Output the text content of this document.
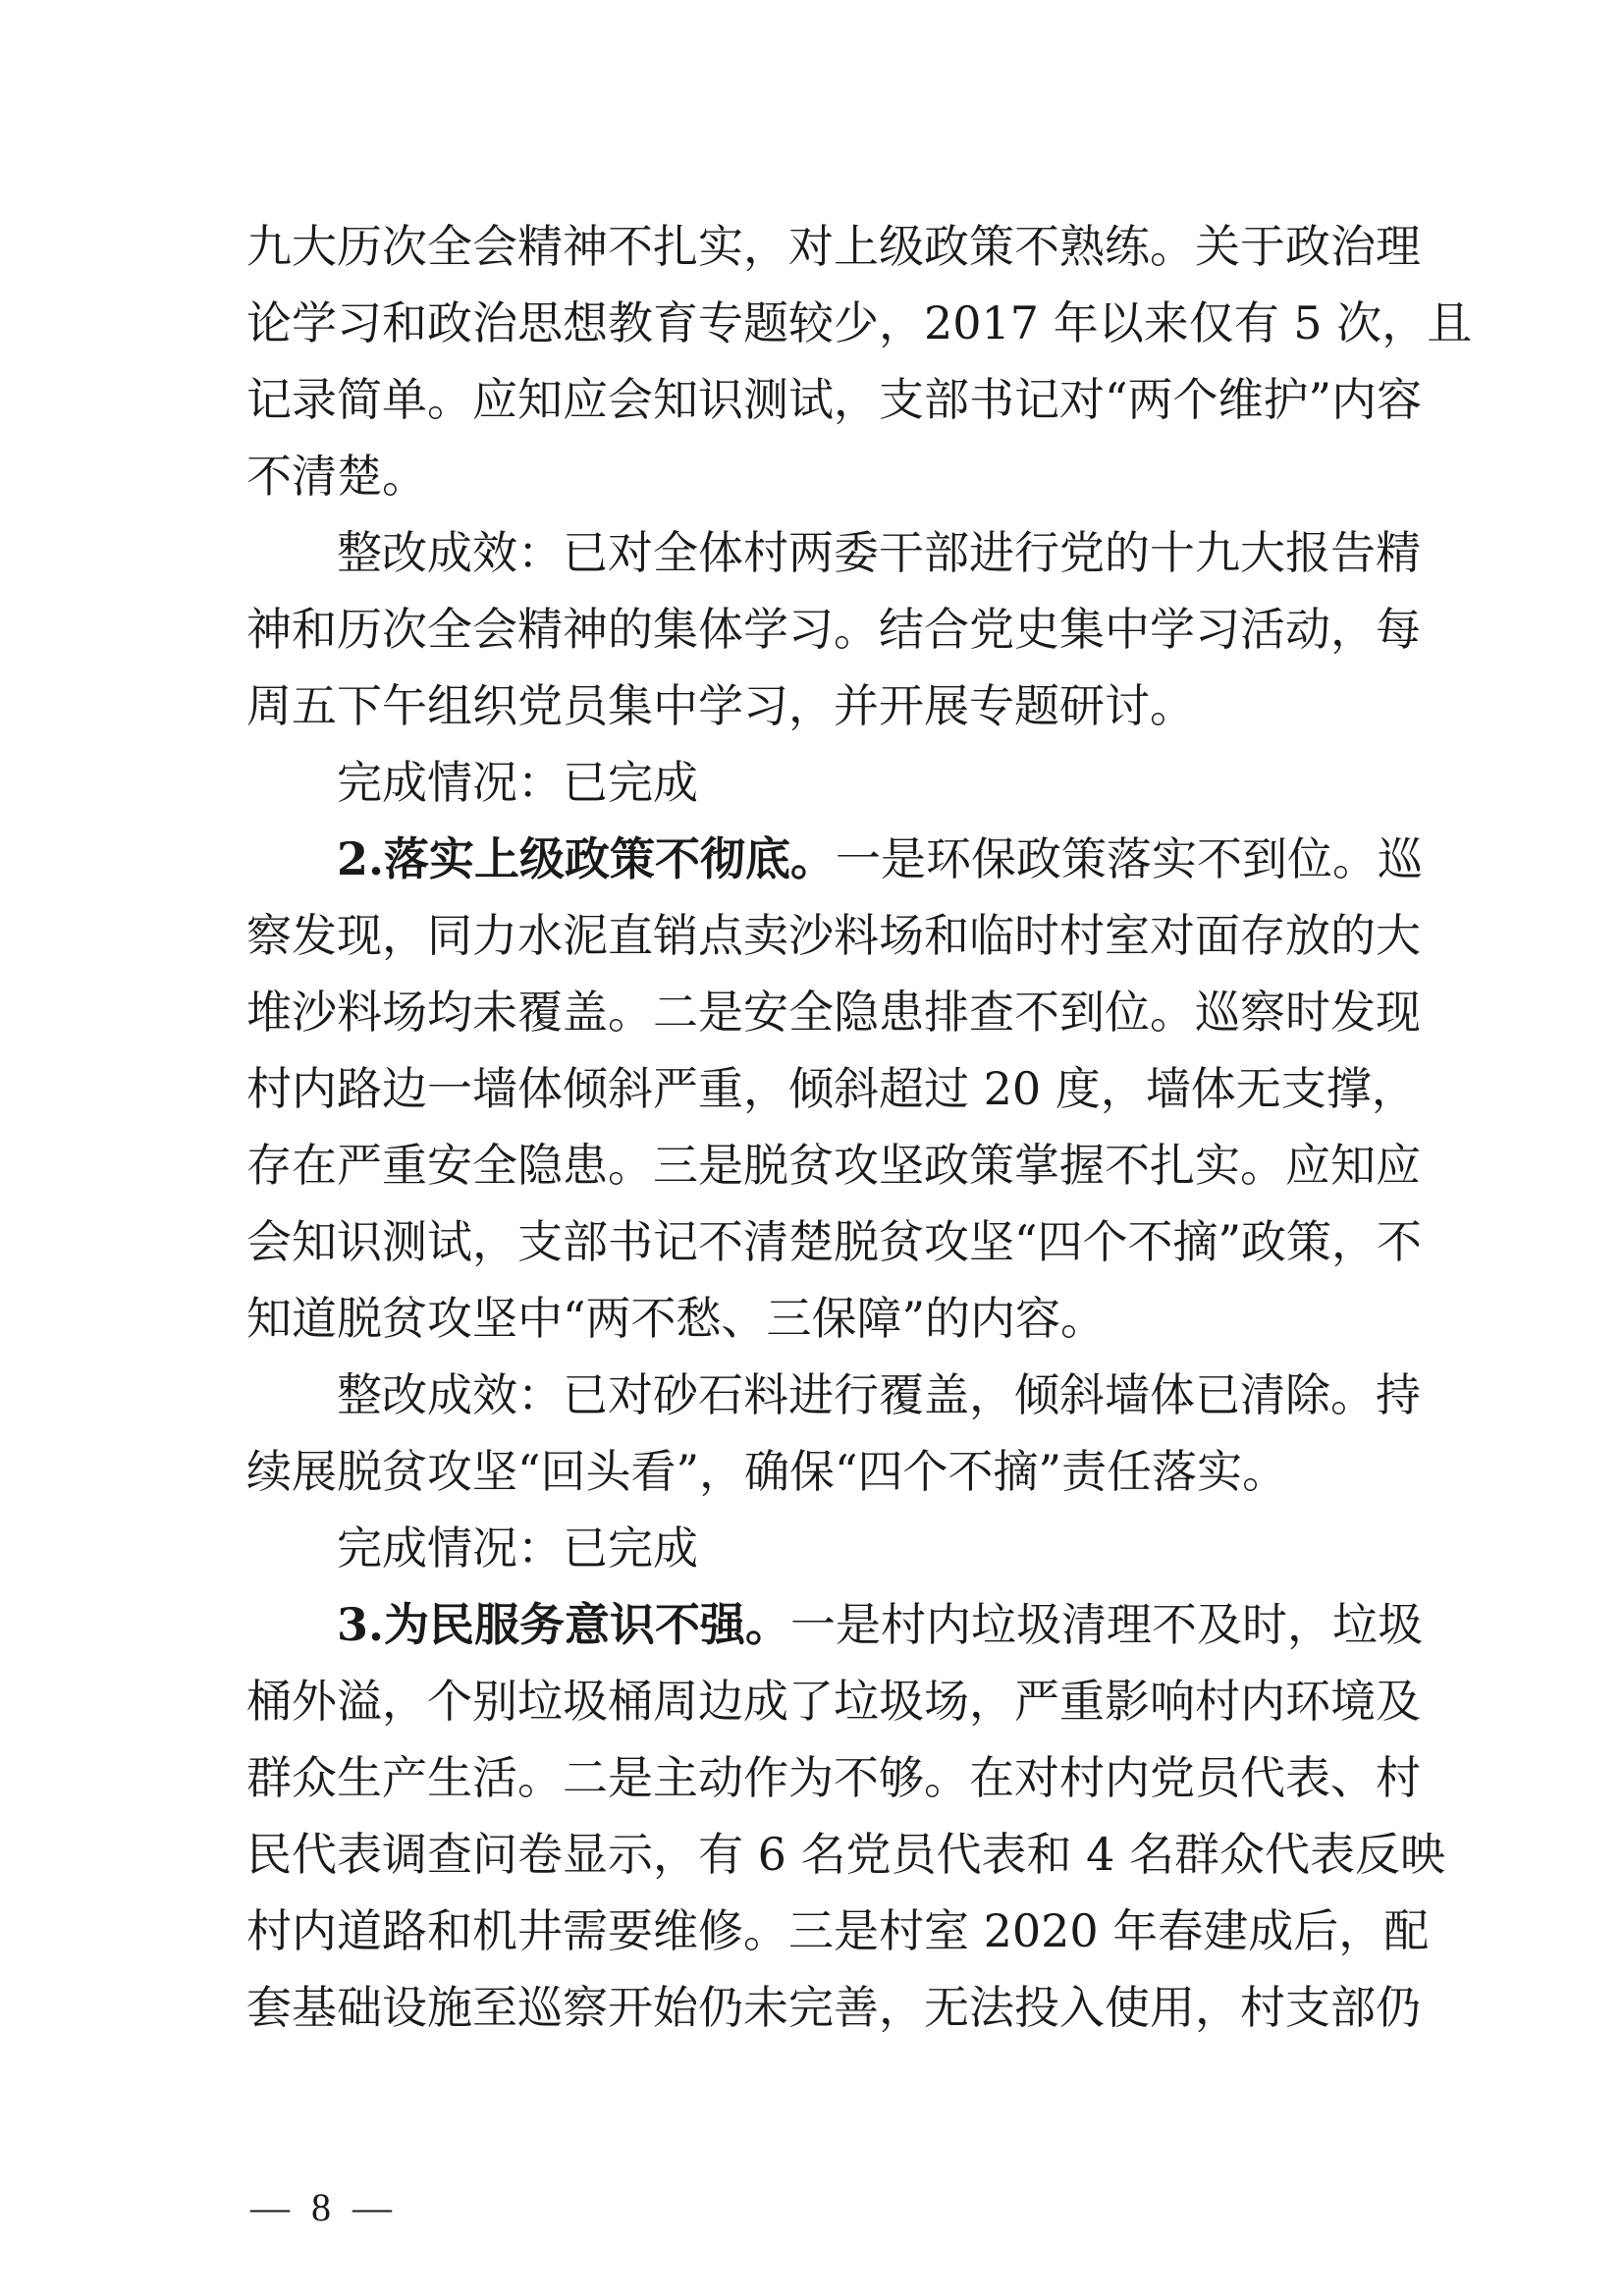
九大历次全会精神不扎实，对上级政策不熟练。关于政治理
论学习和政治思想教育专题较少，2017 年以来仅有 5 次，且
记录简单。应知应会知识测试，支部书记对“两个维护”内容
不清楚。
整改成效：已对全体村两委干部进行党的十九大报告精
神和历次全会精神的集体学习。结合党史集中学习活动，每
周五下午组织党员集中学习，并开展专题研讨。
完成情况：已完成
2.落实上级政策不彻底。一是环保政策落实不到位。巡
察发现，同力水泥直销点卖沙料场和临时村室对面存放的大
堆沙料场均未覆盖。二是安全隐患排查不到位。巡察时发现
村内路边一墙体倾斜严重，倾斜超过 20 度，墙体无支撑，
存在严重安全隐患。三是脱贫攻坚政策掌握不扎实。应知应
会知识测试，支部书记不清楚脱贫攻坚“四个不摘”政策，不
知道脱贫攻坚中“两不愁、三保障”的内容。
整改成效：已对砂石料进行覆盖，倾斜墙体已清除。持
续展脱贫攻坚“回头看”，确保“四个不摘”责任落实。
完成情况：已完成
3.为民服务意识不强。一是村内垃圾清理不及时，垃圾
桶外溢，个别垃圾桶周边成了垃圾场，严重影响村内环境及
群众生产生活。二是主动作为不够。在对村内党员代表、村
民代表调查问卷显示，有 6 名党员代表和 4 名群众代表反映
村内道路和机井需要维修。三是村室 2020 年春建成后，配
套基础设施至巡察开始仍未完善，无法投入使用，村支部仍
— 8 —
